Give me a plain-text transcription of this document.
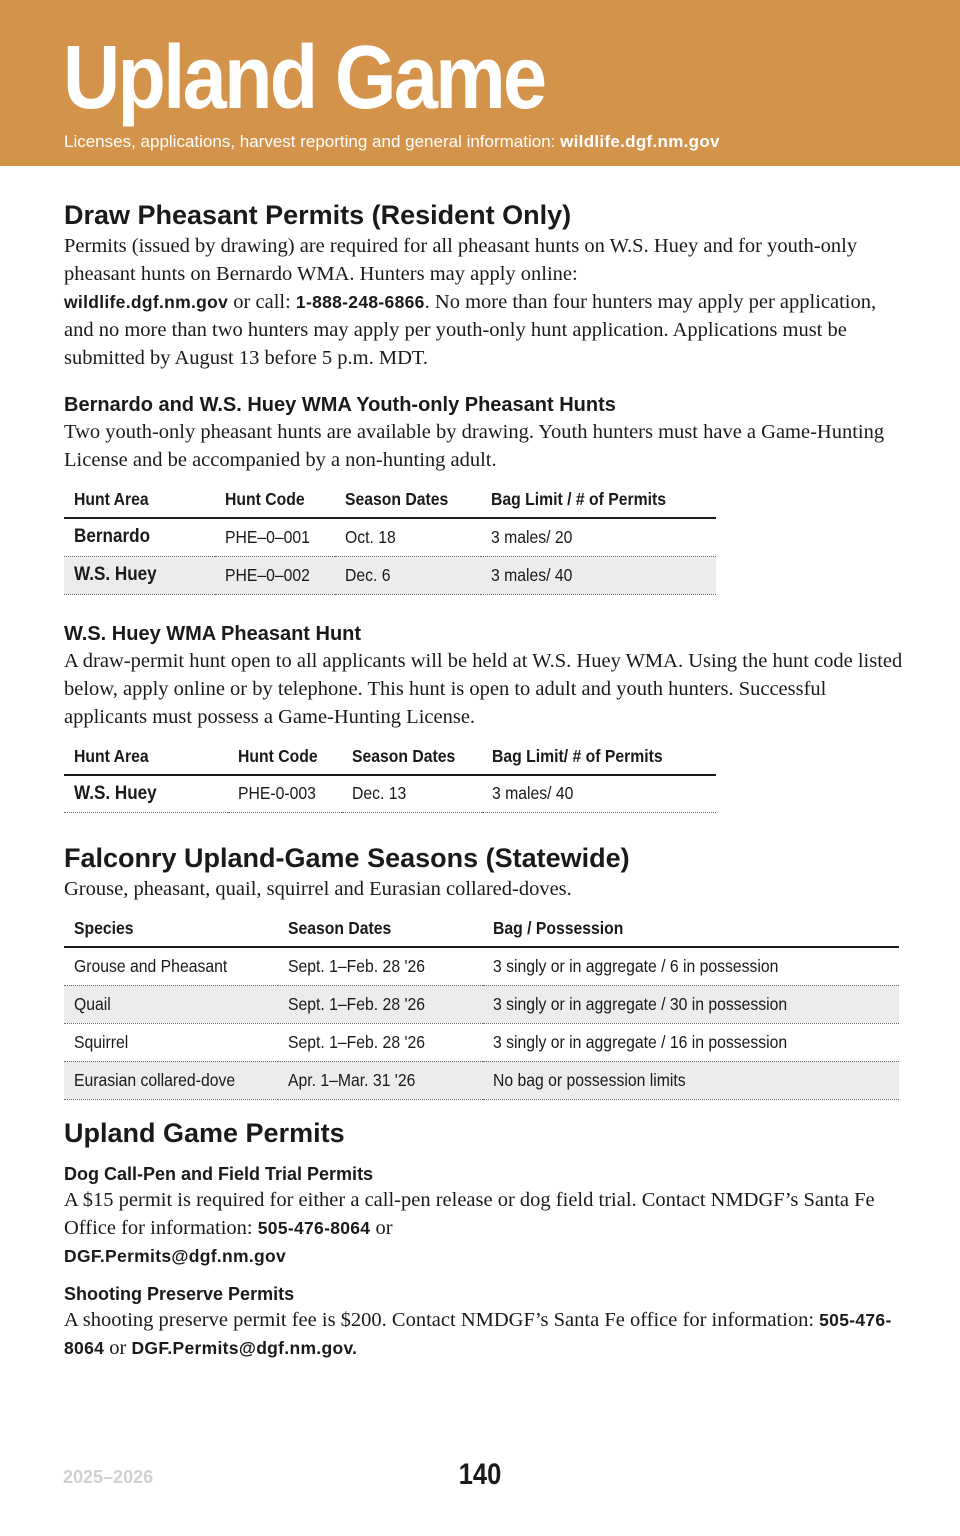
Upland Game
Licenses, applications, harvest reporting and general information: wildlife.dgf.nm.gov
Draw Pheasant Permits (Resident Only)

Permits (issued by drawing) are required for all pheasant hunts on W.S. Huey and for youth-only pheasant hunts on Bernardo WMA. Hunters may apply online:
wildlife.dgf.nm.gov or call: 1-888-248-6866. No more than four hunters may apply per application, and no more than two hunters may apply per youth-only hunt application. Applications must be submitted by August 13 before 5 p.m. MDT.

Bernardo and W.S. Huey WMA Youth-only Pheasant Hunts

Two youth-only pheasant hunts are available by drawing. Youth hunters must have a Game-Hunting License and be accompanied by a non-hunting adult.

Hunt Area	Hunt Code	Season Dates	Bag Limit / # of Permits
Bernardo	PHE–0–001	Oct. 18	3 males/ 20
W.S. Huey	PHE–0–002	Dec. 6	3 males/ 40
W.S. Huey WMA Pheasant Hunt

A draw-permit hunt open to all applicants will be held at W.S. Huey WMA. Using the hunt code listed below, apply online or by telephone. This hunt is open to adult and youth hunters. Successful applicants must possess a Game-Hunting License.

Hunt Area	Hunt Code	Season Dates	Bag Limit/ # of Permits
W.S. Huey	PHE-0-003	Dec. 13	3 males/ 40
Falconry Upland-Game Seasons (Statewide)

Grouse, pheasant, quail, squirrel and Eurasian collared-doves.

Species	Season Dates	Bag / Possession
Grouse and Pheasant	Sept. 1–Feb. 28 '26	3 singly or in aggregate / 6 in possession
Quail	Sept. 1–Feb. 28 '26	3 singly or in aggregate / 30 in possession
Squirrel	Sept. 1–Feb. 28 '26	3 singly or in aggregate / 16 in possession
Eurasian collared-dove	Apr. 1–Mar. 31 '26	No bag or possession limits
Upland Game Permits
Dog Call-Pen and Field Trial Permits

A $15 permit is required for either a call-pen release or dog field trial. Contact NMDGF’s Santa Fe Office for information: 505-476-8064 or
DGF.Permits@dgf.nm.gov

Shooting Preserve Permits

A shooting preserve permit fee is $200. Contact NMDGF’s Santa Fe office for information: 505-476-8064 or DGF.Permits@dgf.nm.gov.

2025–2026	140
